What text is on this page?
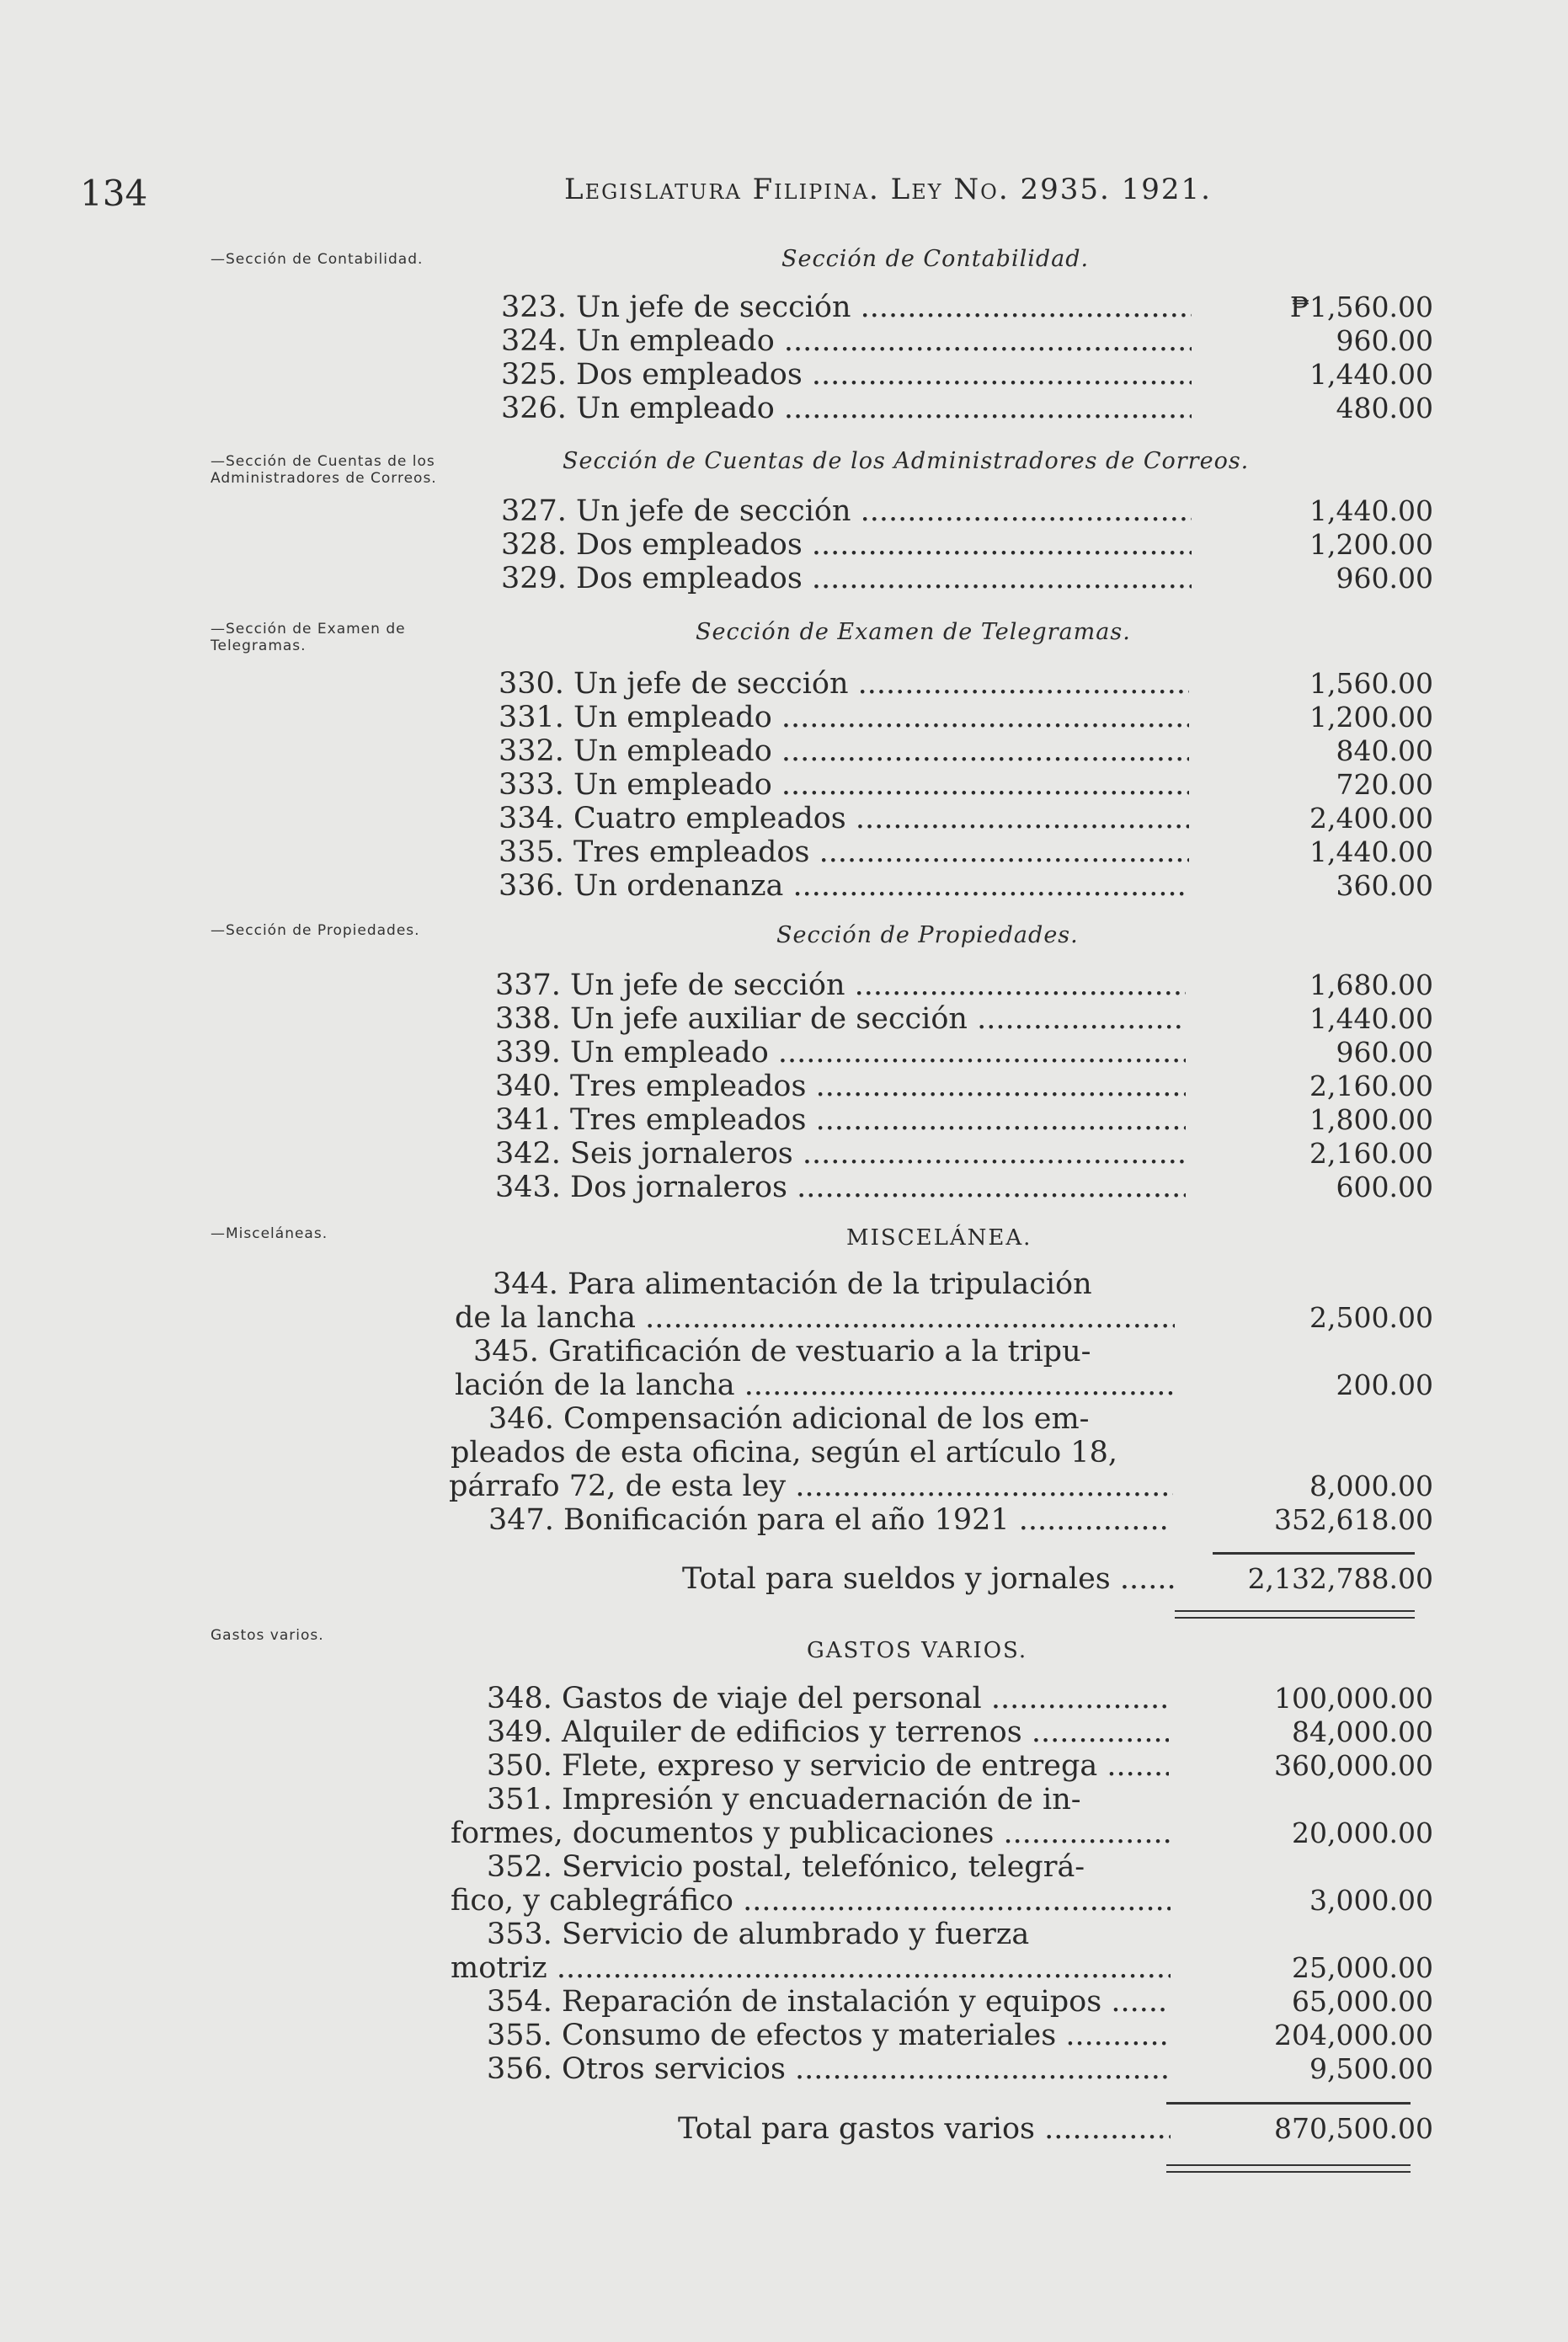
134	Legislatura Filipina. Ley No. 2935. 1921.
—Sección de Contabilidad.
—Sección de Cuentas de los Administradores de Correos.
—Sección de Examen de Telegramas.
—Sección de Propiedades.
—Misceláneas.
Gastos varios.
Sección de Contabilidad.
323. Un jefe de sección .....	₱1,560.00
324. Un empleado .....	960.00
325. Dos empleados .....	1,440.00
326. Un empleado .....	480.00
Sección de Cuentas de los Administradores de Correos.
327. Un jefe de sección .....	1,440.00
328. Dos empleados .....	1,200.00
329. Dos empleados .....	960.00
Sección de Examen de Telegramas.
330. Un jefe de sección .....	1,560.00
331. Un empleado .....	1,200.00
332. Un empleado .....	840.00
333. Un empleado .....	720.00
334. Cuatro empleados .....	2,400.00
335. Tres empleados .....	1,440.00
336. Un ordenanza .....	360.00
Sección de Propiedades.
337. Un jefe de sección .....	1,680.00
338. Un jefe auxiliar de sección .....	1,440.00
339. Un empleado .....	960.00
340. Tres empleados .....	2,160.00
341. Tres empleados .....	1,800.00
342. Seis jornaleros .....	2,160.00
343. Dos jornaleros .....	600.00
MISCELÁNEA.
344. Para alimentación de la tripulación
de la lancha .....	2,500.00
345. Gratificación de vestuario a la tripu-
lación de la lancha .....	200.00
346. Compensación adicional de los em-
pleados de esta oficina, según el artículo 18,
párrafo 72, de esta ley .....	8,000.00
347. Bonificación para el año 1921 .....	352,618.00
Total para sueldos y jornales .....	2,132,788.00
GASTOS VARIOS.
348. Gastos de viaje del personal .....	100,000.00
349. Alquiler de edificios y terrenos .....	84,000.00
350. Flete, expreso y servicio de entrega .....	360,000.00
351. Impresión y encuadernación de in-
formes, documentos y publicaciones .....	20,000.00
352. Servicio postal, telefónico, telegrá-
fico, y cablegráfico .....	3,000.00
353. Servicio de alumbrado y fuerza
motriz .....	25,000.00
354. Reparación de instalación y equipos .....	65,000.00
355. Consumo de efectos y materiales .....	204,000.00
356. Otros servicios .....	9,500.00
Total para gastos varios .....	870,500.00
